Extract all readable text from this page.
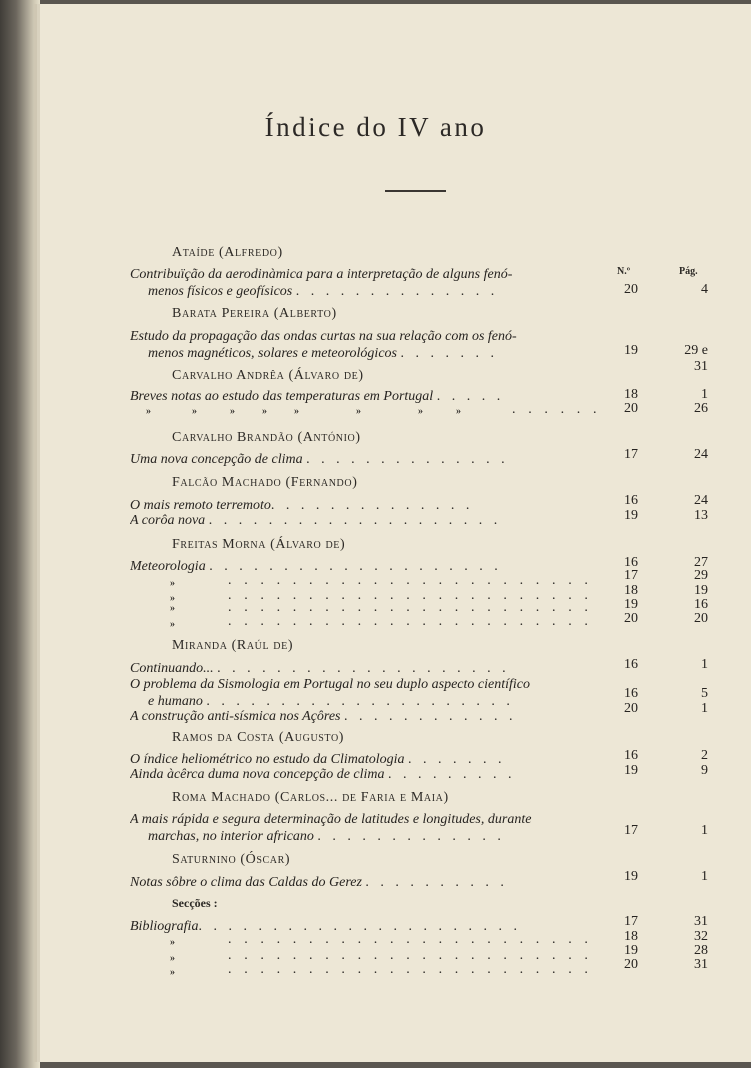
Índice do IV ano
Ataíde (Alfredo)
Contribuïção da aerodinàmica para a interpretação de alguns fenó-
menos físicos e geofísicos . . . . . . . . . . . . . .
N.º	Pág.
20	4
Barata Pereira (Alberto)
Estudo da propagação das ondas curtas na sua relação com os fenó-
menos magnéticos, solares e meteorológicos . . . . . . .	19	29 e 31
Carvalho Andrêa (Álvaro de)
Breves notas ao estudo das temperaturas em Portugal . . . . .	18	1
»	»	»	»	»	»	»	»	. . . . . .	20	26
Carvalho Brandão (António)
Uma nova concepção de clima . . . . . . . . . . . . . .	17	24
Falcão Machado (Fernando)
O mais remoto terremoto. . . . . . . . . . . . . .	16	24
A corôa nova . . . . . . . . . . . . . . . . . . . .	19	13
Freitas Morna (Álvaro de)
Meteorologia . . . . . . . . . . . . . . . . . . . .	16	27
»	. . . . . . . . . . . . . . . . . . . . . . .	17	29
»	. . . . . . . . . . . . . . . . . . . . . . .	18	19
»	. . . . . . . . . . . . . . . . . . . . . . .	19	16
»	. . . . . . . . . . . . . . . . . . . . . . .	20	20
Miranda (Raúl de)
Continuando... . . . . . . . . . . . . . . . . . . . .	16	1
O problema da Sismologia em Portugal no seu duplo aspecto científico
e humano . . . . . . . . . . . . . . . . . . . . .
16	5
A construção anti-sísmica nos Açôres . . . . . . . . . . . .
20	1
Ramos da Costa (Augusto)
O índice heliométrico no estudo da Climatologia . . . . . . .	16	2
Ainda àcêrca duma nova concepção de clima . . . . . . . . .	19	9
Roma Machado (Carlos... de Faria e Maia)
A mais rápida e segura determinação de latitudes e longitudes, durante
marchas, no interior africano . . . . . . . . . . . . .	17	1
Saturnino (Óscar)
Notas sôbre o clima das Caldas do Gerez . . . . . . . . . .	19	1
Secções :
Bibliografia. . . . . . . . . . . . . . . . . . . . . .	17	31
»	. . . . . . . . . . . . . . . . . . . . . . .	18	32
»	. . . . . . . . . . . . . . . . . . . . . . .	19	28
»	. . . . . . . . . . . . . . . . . . . . . . .	20	31
